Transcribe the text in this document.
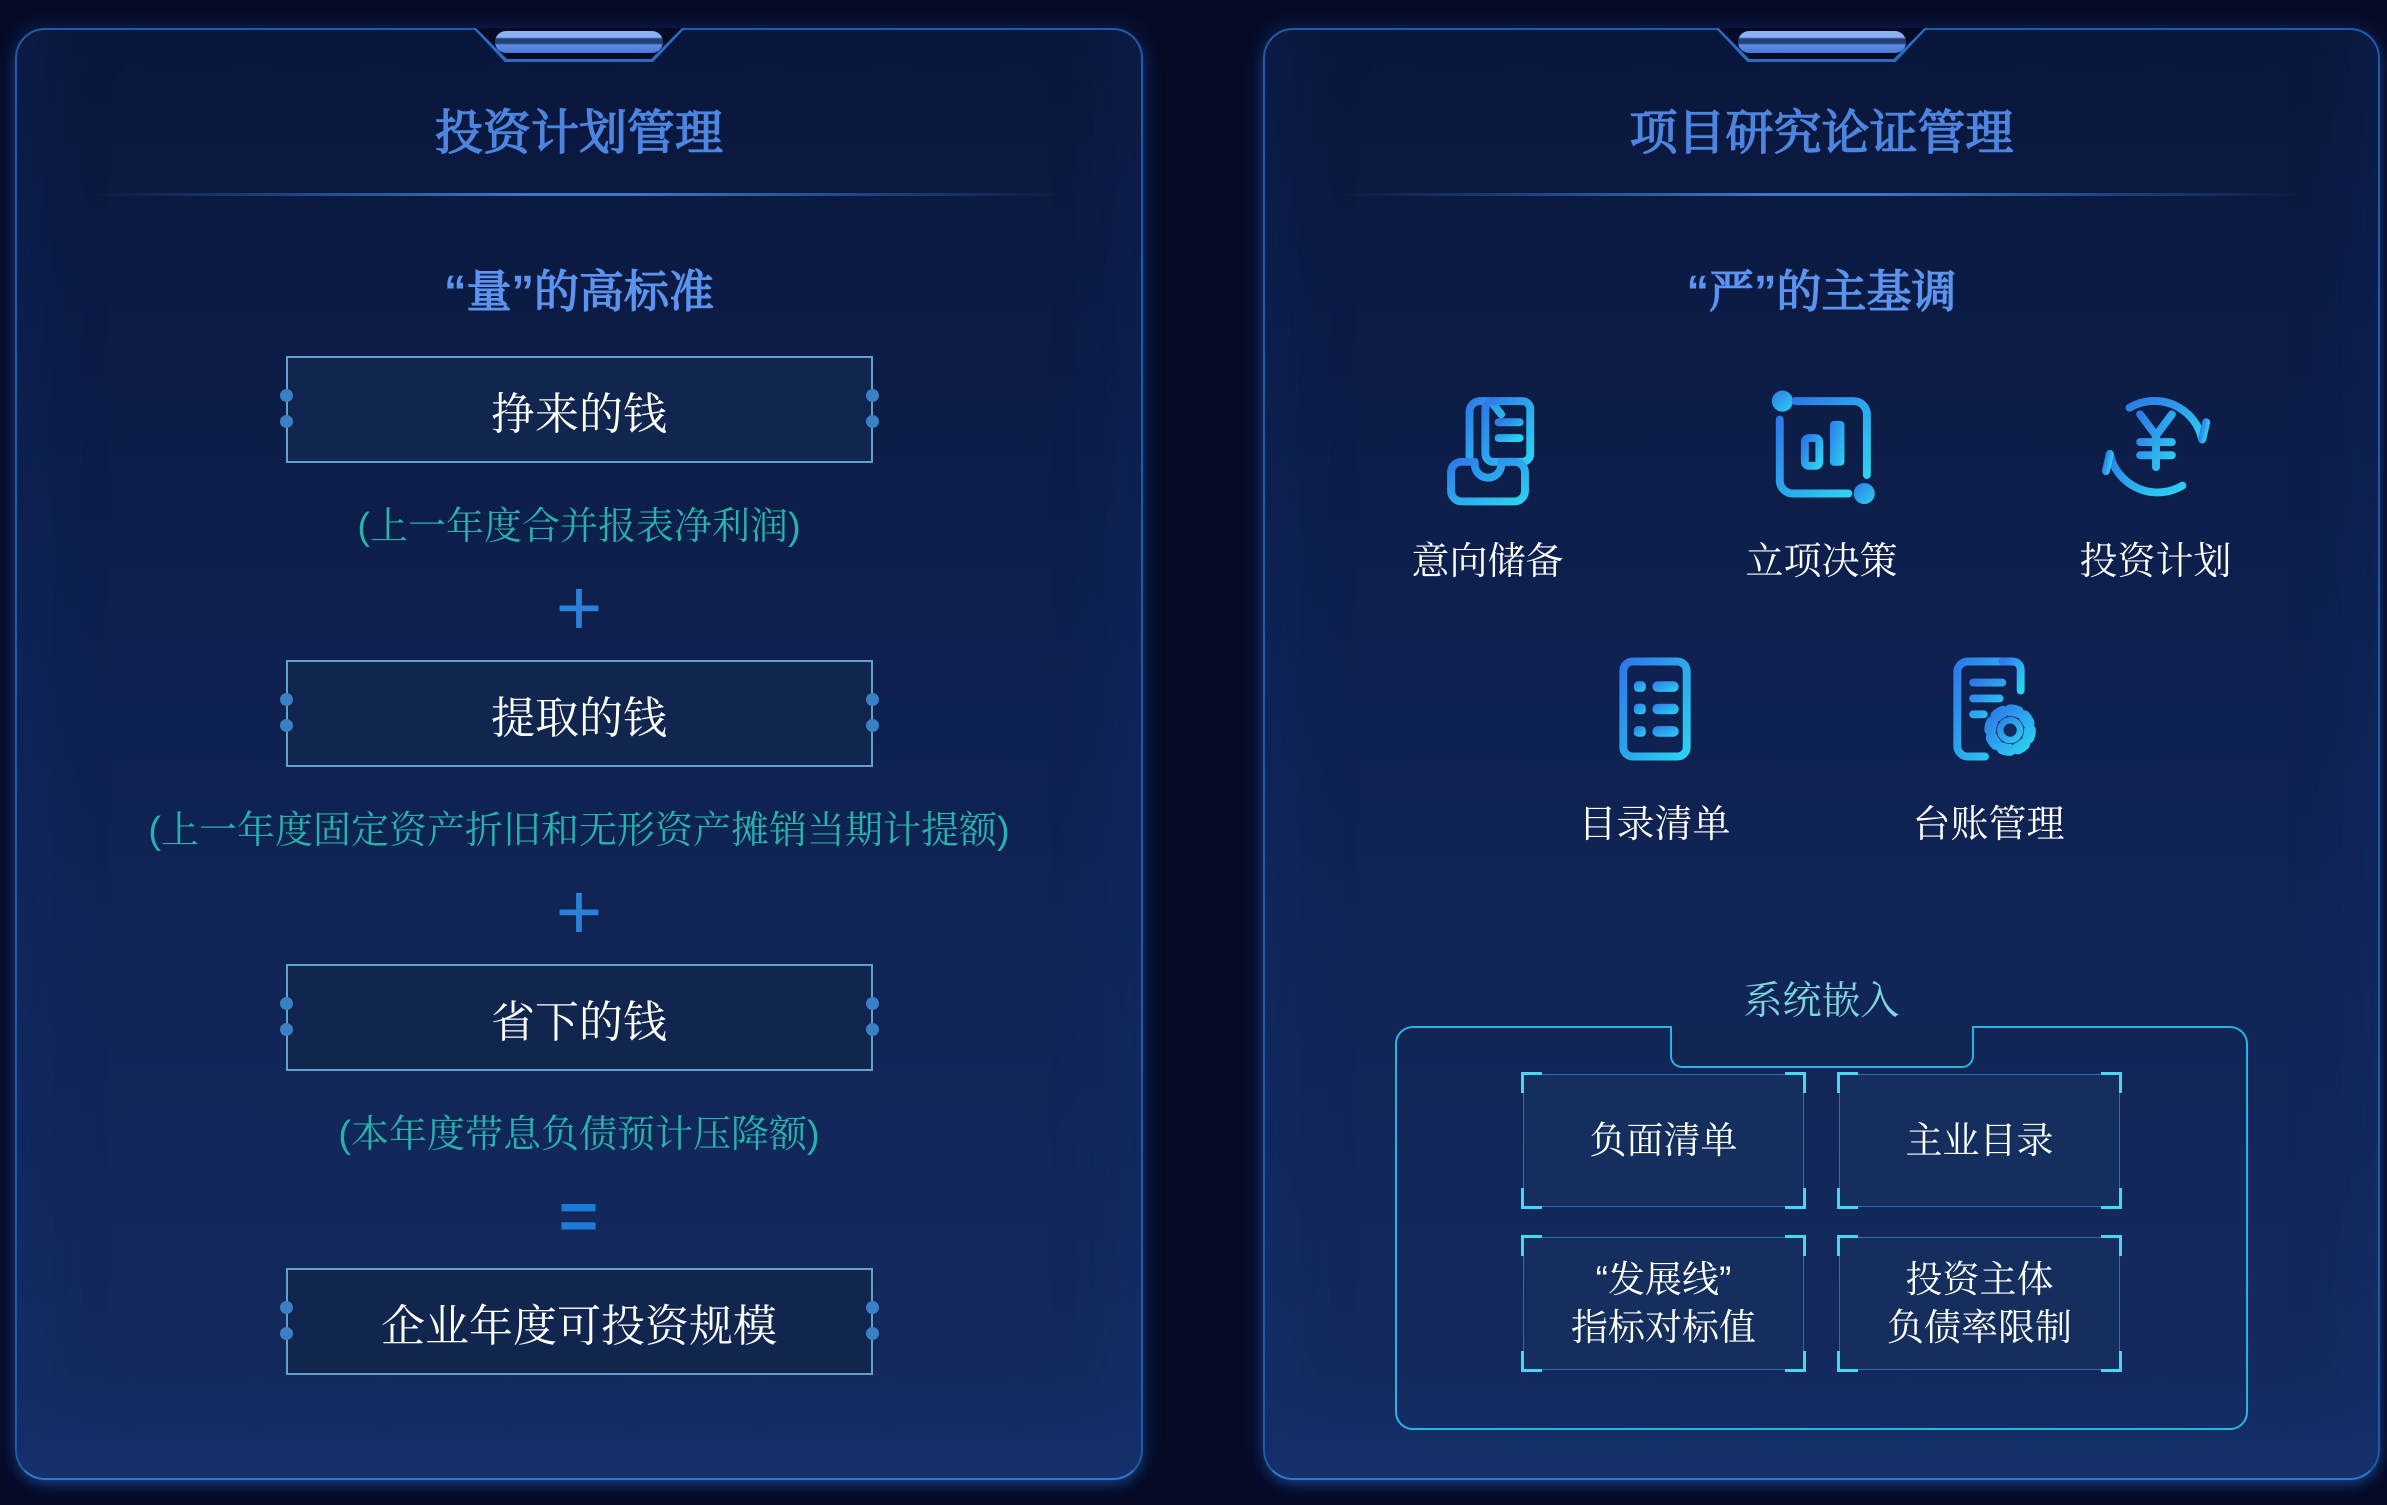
投资计划管理
“量”的高标准
挣来的钱
(上一年度合并报表净利润)
+
提取的钱
(上一年度固定资产折旧和无形资产摊销当期计提额)
+
省下的钱
(本年度带息负债预计压降额)
=
企业年度可投资规模
项目研究论证管理
“严”的主基调
意向储备	立项决策	投资计划
目录清单	台账管理
系统嵌入
负面清单	主业目录
“发展线”
指标对标值
投资主体
负债率限制
